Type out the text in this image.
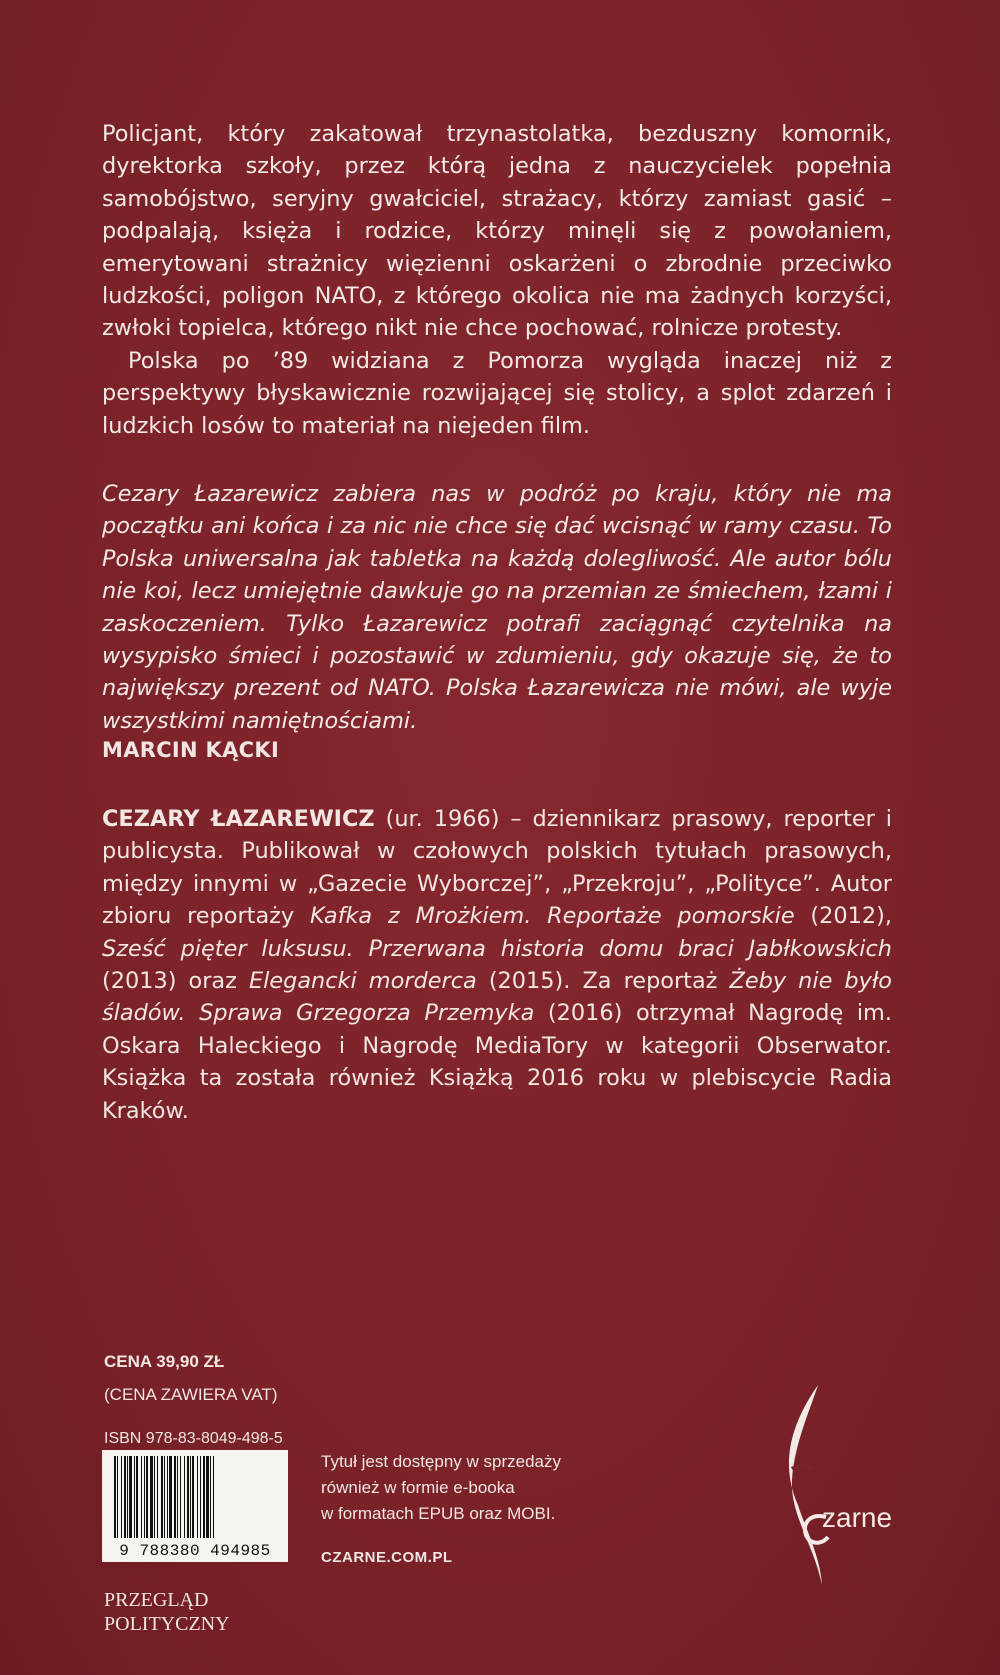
Policjant, który zakatował trzynastolatka, bezduszny komornik, dyrektorka szkoły, przez którą jedna z nauczycielek popełnia samobójstwo, seryjny gwałciciel, strażacy, którzy zamiast gasić – podpalają, księża i rodzice, którzy minęli się z powołaniem, emerytowani strażnicy więzienni oskarżeni o zbrodnie przeciwko ludzkości, poligon NATO, z którego okolica nie ma żadnych korzyści, zwłoki topielca, którego nikt nie chce pochować, rolnicze protesty.

Polska po ’89 widziana z Pomorza wygląda inaczej niż z perspektywy błyskawicznie rozwijającej się stolicy, a splot zdarzeń i ludzkich losów to materiał na niejeden film.

Cezary Łazarewicz zabiera nas w podróż po kraju, który nie ma początku ani końca i za nic nie chce się dać wcisnąć w ramy czasu. To Polska uniwersalna jak tabletka na każdą dolegliwość. Ale autor bólu nie koi, lecz umiejętnie dawkuje go na przemian ze śmiechem, łzami i zaskoczeniem. Tylko Łazarewicz potrafi zaciągnąć czytelnika na wysypisko śmieci i pozostawić w zdumieniu, gdy okazuje się, że to największy prezent od NATO. Polska Łazarewicza nie mówi, ale wyje wszystkimi namiętnościami.
MARCIN KĄCKI
CEZARY ŁAZAREWICZ (ur. 1966) – dziennikarz prasowy, reporter i publicysta. Publikował w czołowych polskich tytułach prasowych, między innymi w „Gazecie Wyborczej”, „Przekroju”, „Polityce”. Autor zbioru reportaży Kafka z Mrożkiem. Reportaże pomorskie (2012), Sześć pięter luksusu. Przerwana historia domu braci Jabłkowskich (2013) oraz Elegancki morderca (2015). Za reportaż Żeby nie było śladów. Sprawa Grzegorza Przemyka (2016) otrzymał Nagrodę im. Oskara Haleckiego i Nagrodę MediaTory w kategorii Obserwator. Książka ta została również Książką 2016 roku w plebiscycie Radia Kraków.
CENA 39,90 ZŁ
(CENA ZAWIERA VAT)
ISBN 978-83-8049-498-5
9 788380 494985

Tytuł jest dostępny w sprzedaży

również w formie e-booka

w formatach EPUB oraz MOBI.

CZARNE.COM.PL
zarne

PRZEGLĄD

POLITYCZNY
